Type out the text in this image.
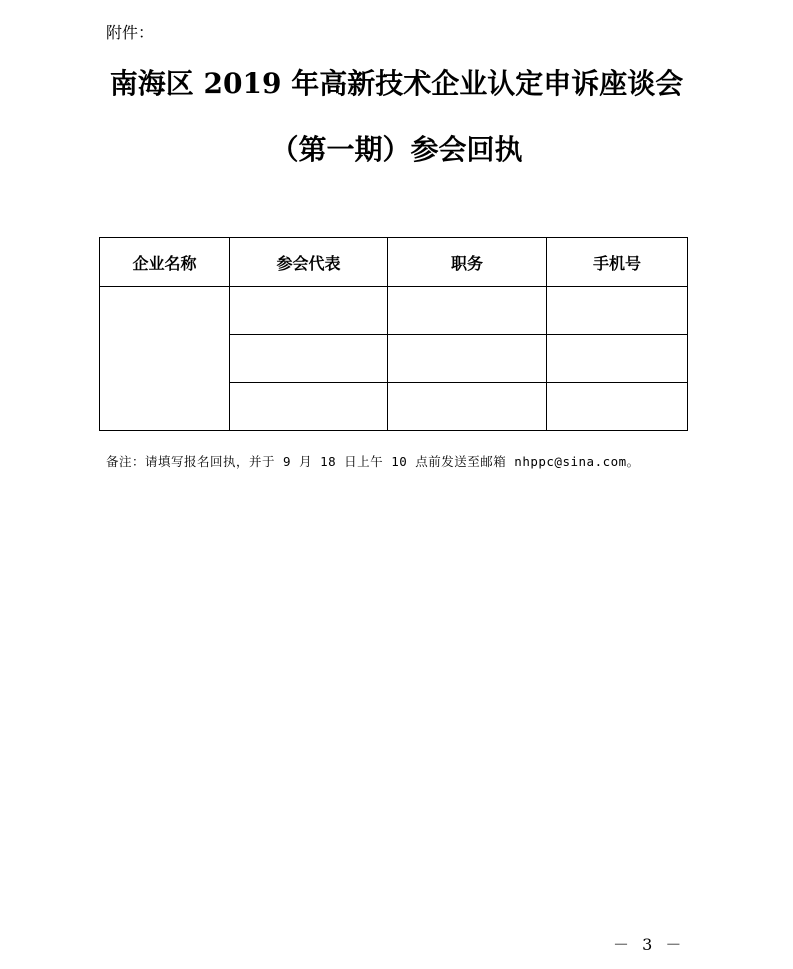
附件：
南海区 2019 年高新技术企业认定申诉座谈会
（第一期）参会回执
企业名称	参会代表	职务	手机号

备注：请填写报名回执，并于 9 月 18 日上午 10 点前发送至邮箱 nhppc@sina.com。
－ 3 －
